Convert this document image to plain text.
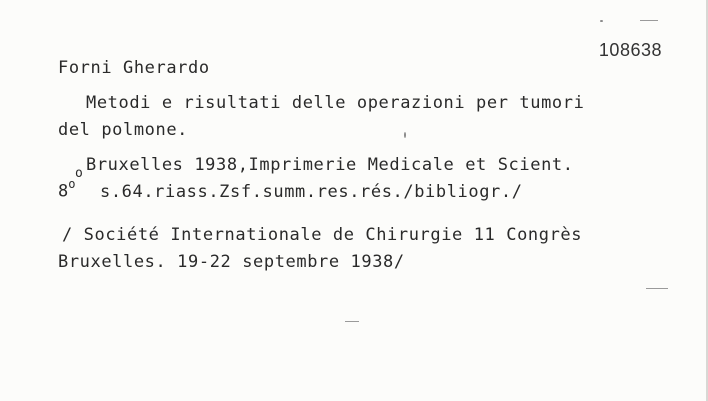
108638
Forni Gherardo
Metodi e risultati delle operazioni per tumori
del polmone.
o Bruxelles 1938,Imprimerie Medicale et Scient.
8$^o$ s.64.riass.Zsf.summ.res.rés./bibliogr./
/ Société Internationale de Chirurgie 11 Congrès
Bruxelles. 19-22 septembre 1938/
